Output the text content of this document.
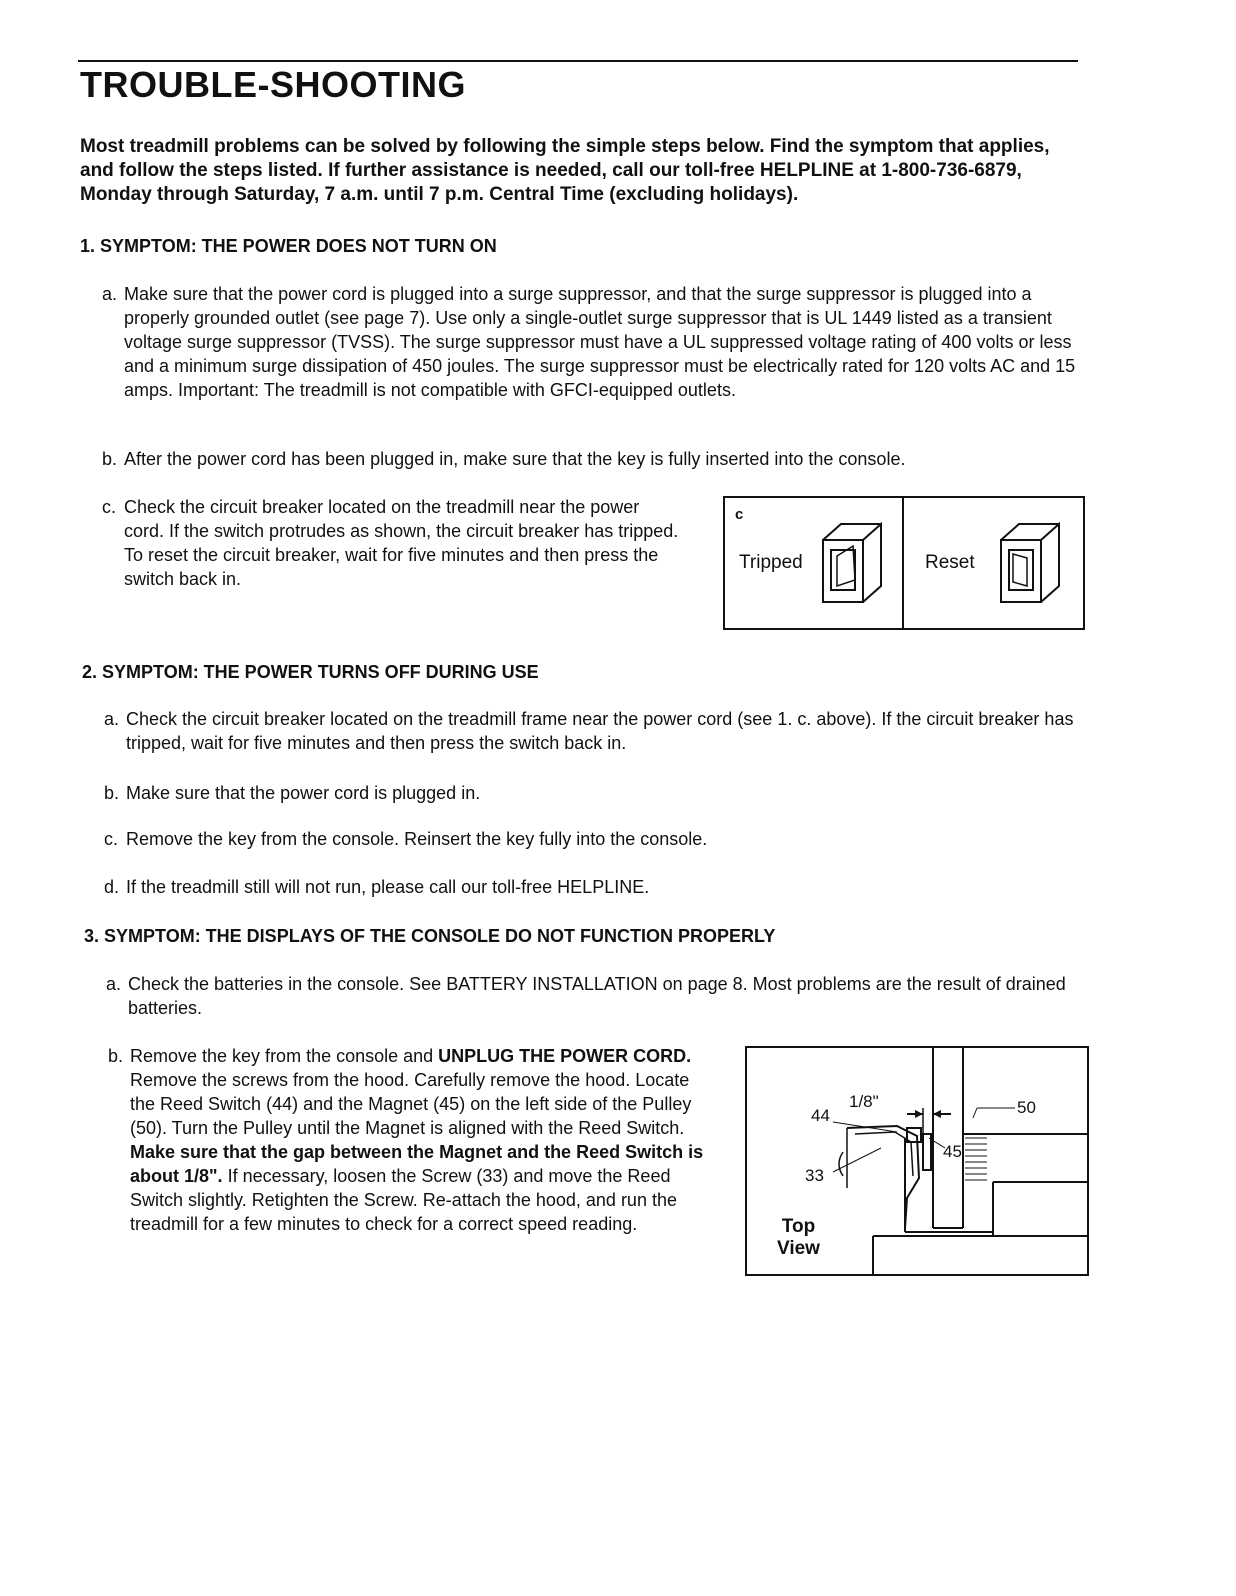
TROUBLE-SHOOTING

Most treadmill problems can be solved by following the simple steps below. Find the symptom that applies, and follow the steps listed. If further assistance is needed, call our toll-free HELPLINE at 1-800-736-6879, Monday through Saturday, 7 a.m. until 7 p.m. Central Time (excluding holidays).

1. SYMPTOM: THE POWER DOES NOT TURN ON

a. Make sure that the power cord is plugged into a surge suppressor, and that the surge suppressor is plugged into a properly grounded outlet (see page 7). Use only a single-outlet surge suppressor that is UL 1449 listed as a transient voltage surge suppressor (TVSS). The surge suppressor must have a UL suppressed voltage rating of 400 volts or less and a minimum surge dissipation of 450 joules. The surge suppressor must be electrically rated for 120 volts AC and 15 amps. Important: The treadmill is not compatible with GFCI-equipped outlets.
b. After the power cord has been plugged in, make sure that the key is fully inserted into the console.
c. Check the circuit breaker located on the treadmill near the power cord. If the switch protrudes as shown, the circuit breaker has tripped. To reset the circuit breaker, wait for five minutes and then press the switch back in.
c
Tripped	Reset

2. SYMPTOM: THE POWER TURNS OFF DURING USE

a. Check the circuit breaker located on the treadmill frame near the power cord (see 1. c. above). If the circuit breaker has tripped, wait for five minutes and then press the switch back in.
b. Make sure that the power cord is plugged in.
c. Remove the key from the console. Reinsert the key fully into the console.
d. If the treadmill still will not run, please call our toll-free HELPLINE.

3. SYMPTOM: THE DISPLAYS OF THE CONSOLE DO NOT FUNCTION PROPERLY

a. Check the batteries in the console. See BATTERY INSTALLATION on page 8. Most problems are the result of drained batteries.
b. Remove the key from the console and UNPLUG THE POWER CORD. Remove the screws from the hood. Carefully remove the hood. Locate the Reed Switch (44) and the Magnet (45) on the left side of the Pulley (50). Turn the Pulley until the Magnet is aligned with the Reed Switch. Make sure that the gap between the Magnet and the Reed Switch is about 1/8". If necessary, loosen the Screw (33) and move the Reed Switch slightly. Retighten the Screw. Re-attach the hood, and run the treadmill for a few minutes to check for a correct speed reading.
1/8"
44	50
45
33
Top
View
